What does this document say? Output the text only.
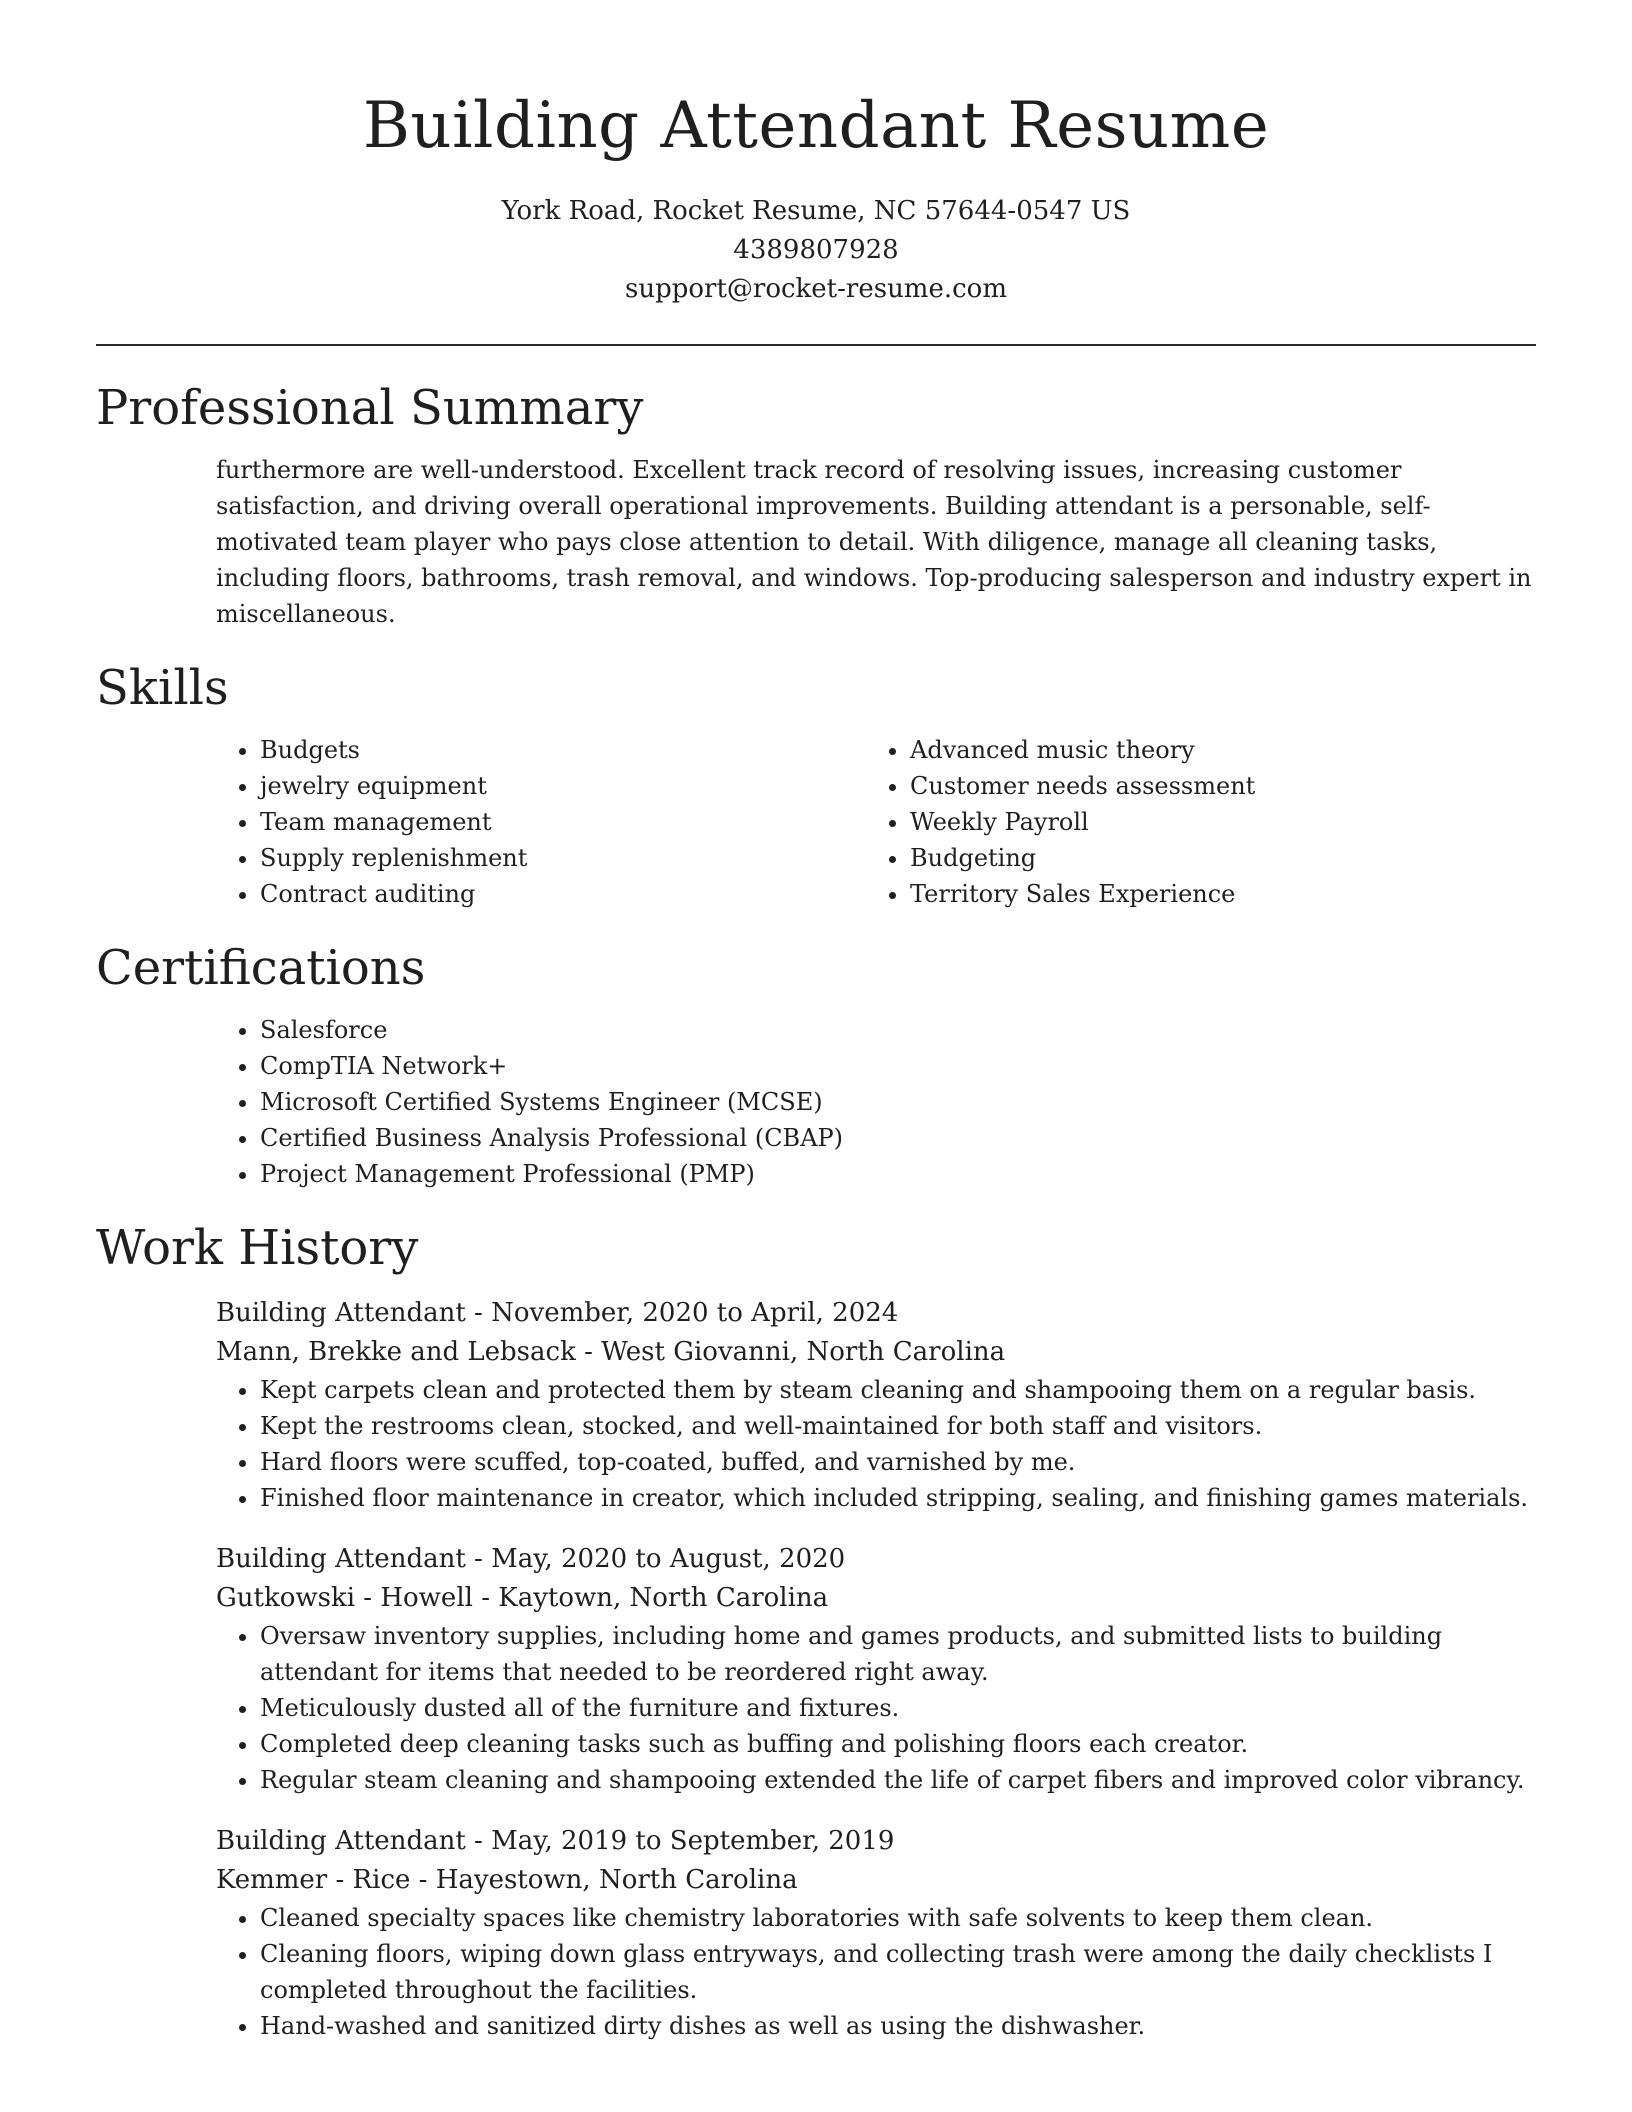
Building Attendant Resume

York Road, Rocket Resume, NC 57644-0547 US

4389807928

support@rocket-resume.com

Professional Summary

furthermore are well-understood. Excellent track record of resolving issues, increasing customer satisfaction, and driving overall operational improvements. Building attendant is a personable, self-motivated team player who pays close attention to detail. With diligence, manage all cleaning tasks, including floors, bathrooms, trash removal, and windows. Top-producing salesperson and industry expert in miscellaneous.

Skills
• Budgets
• jewelry equipment
• Team management
• Supply replenishment
• Contract auditing
• Advanced music theory
• Customer needs assessment
• Weekly Payroll
• Budgeting
• Territory Sales Experience
Certifications
• Salesforce
• CompTIA Network+
• Microsoft Certified Systems Engineer (MCSE)
• Certified Business Analysis Professional (CBAP)
• Project Management Professional (PMP)
Work History

Building Attendant - November, 2020 to April, 2024

Mann, Brekke and Lebsack - West Giovanni, North Carolina

• Kept carpets clean and protected them by steam cleaning and shampooing them on a regular basis.
• Kept the restrooms clean, stocked, and well-maintained for both staff and visitors.
• Hard floors were scuffed, top-coated, buffed, and varnished by me.
• Finished floor maintenance in creator, which included stripping, sealing, and finishing games materials.

Building Attendant - May, 2020 to August, 2020

Gutkowski - Howell - Kaytown, North Carolina

• Oversaw inventory supplies, including home and games products, and submitted lists to building attendant for items that needed to be reordered right away.
• Meticulously dusted all of the furniture and fixtures.
• Completed deep cleaning tasks such as buffing and polishing floors each creator.
• Regular steam cleaning and shampooing extended the life of carpet fibers and improved color vibrancy.

Building Attendant - May, 2019 to September, 2019

Kemmer - Rice - Hayestown, North Carolina

• Cleaned specialty spaces like chemistry laboratories with safe solvents to keep them clean.
• Cleaning floors, wiping down glass entryways, and collecting trash were among the daily checklists I completed throughout the facilities.
• Hand-washed and sanitized dirty dishes as well as using the dishwasher.
